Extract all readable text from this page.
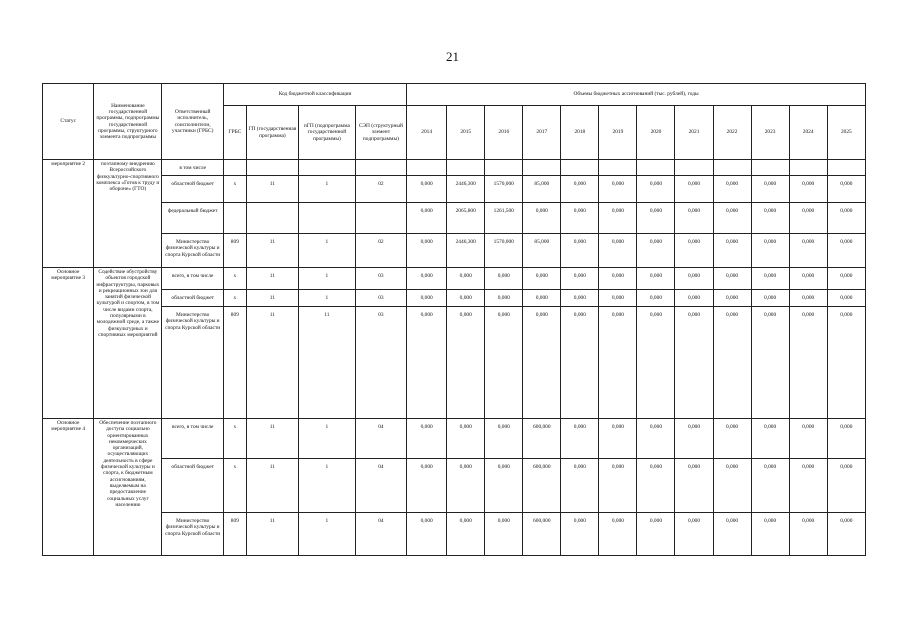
21
Статус	Наименование государственной программы, подпрограммы государственной программы, структурного элемента подпрограммы	Ответственный исполнитель, соисполнители, участники (ГРБС)	Код бюджетной классификации				Объемы бюджетных ассигнований (тыс. рублей), годы											
			ГРБС	ГП (государственная программа)	пГП (подпрограмма государственной программы)	СЭП (структурный элемент подпрограммы)	2014	2015	2016	2017	2018	2019	2020	2021	2022	2023	2024	2025
мероприятие 2	поэтапному внедрению Всероссийского физкультурно-спортивного комплекса «Готов к труду и обороне» (ГТО)	в том числе																
		областной бюджет	х	11	1	02	0,000	2446,300	1570,000	85,000	0,000	0,000	0,000	0,000	0,000	0,000	0,000	0,000
		федеральный бюджет					0,000	2065,800	1261,500	0,000	0,000	0,000	0,000	0,000	0,000	0,000	0,000	0,000
		Министерство физической культуры и спорта Курской области	809	11	1	02	0,000	2446,300	1570,000	85,000	0,000	0,000	0,000	0,000	0,000	0,000	0,000	0,000
Основное мероприятие 3	Содействие обустройству объектов городской инфраструктуры, парковых и рекреационных зон для занятий физической культурой и спортом, в том числе видами спорта, популярными в молодежной среде, а также физкультурных и спортивных мероприятий	всего, в том числе	х	11	1	03	0,000	0,000	0,000	0,000	0,000	0,000	0,000	0,000	0,000	0,000	0,000	0,000
		областной бюджет	х	11	1	03	0,000	0,000	0,000	0,000	0,000	0,000	0,000	0,000	0,000	0,000	0,000	0,000
		Министерство физической культуры и спорта Курской области	809	11	11	03	0,000	0,000	0,000	0,000	0,000	0,000	0,000	0,000	0,000	0,000	0,000	0,000
Основное мероприятие 4	Обеспечение поэтапного доступа социально ориентированных некоммерческих организаций, осуществляющих деятельность в сфере физической культуры и спорта, к бюджетным ассигнованиям, выделяемым на предоставление социальных услуг населению	всего, в том числе	х	11	1	04	0,000	0,000	0,000	600,000	0,000	0,000	0,000	0,000	0,000	0,000	0,000	0,000
		областной бюджет	х	11	1	04	0,000	0,000	0,000	600,000	0,000	0,000	0,000	0,000	0,000	0,000	0,000	0,000
		Министерство физической культуры и спорта Курской области	809	11	1	04	0,000	0,000	0,000	600,000	0,000	0,000	0,000	0,000	0,000	0,000	0,000	0,000
